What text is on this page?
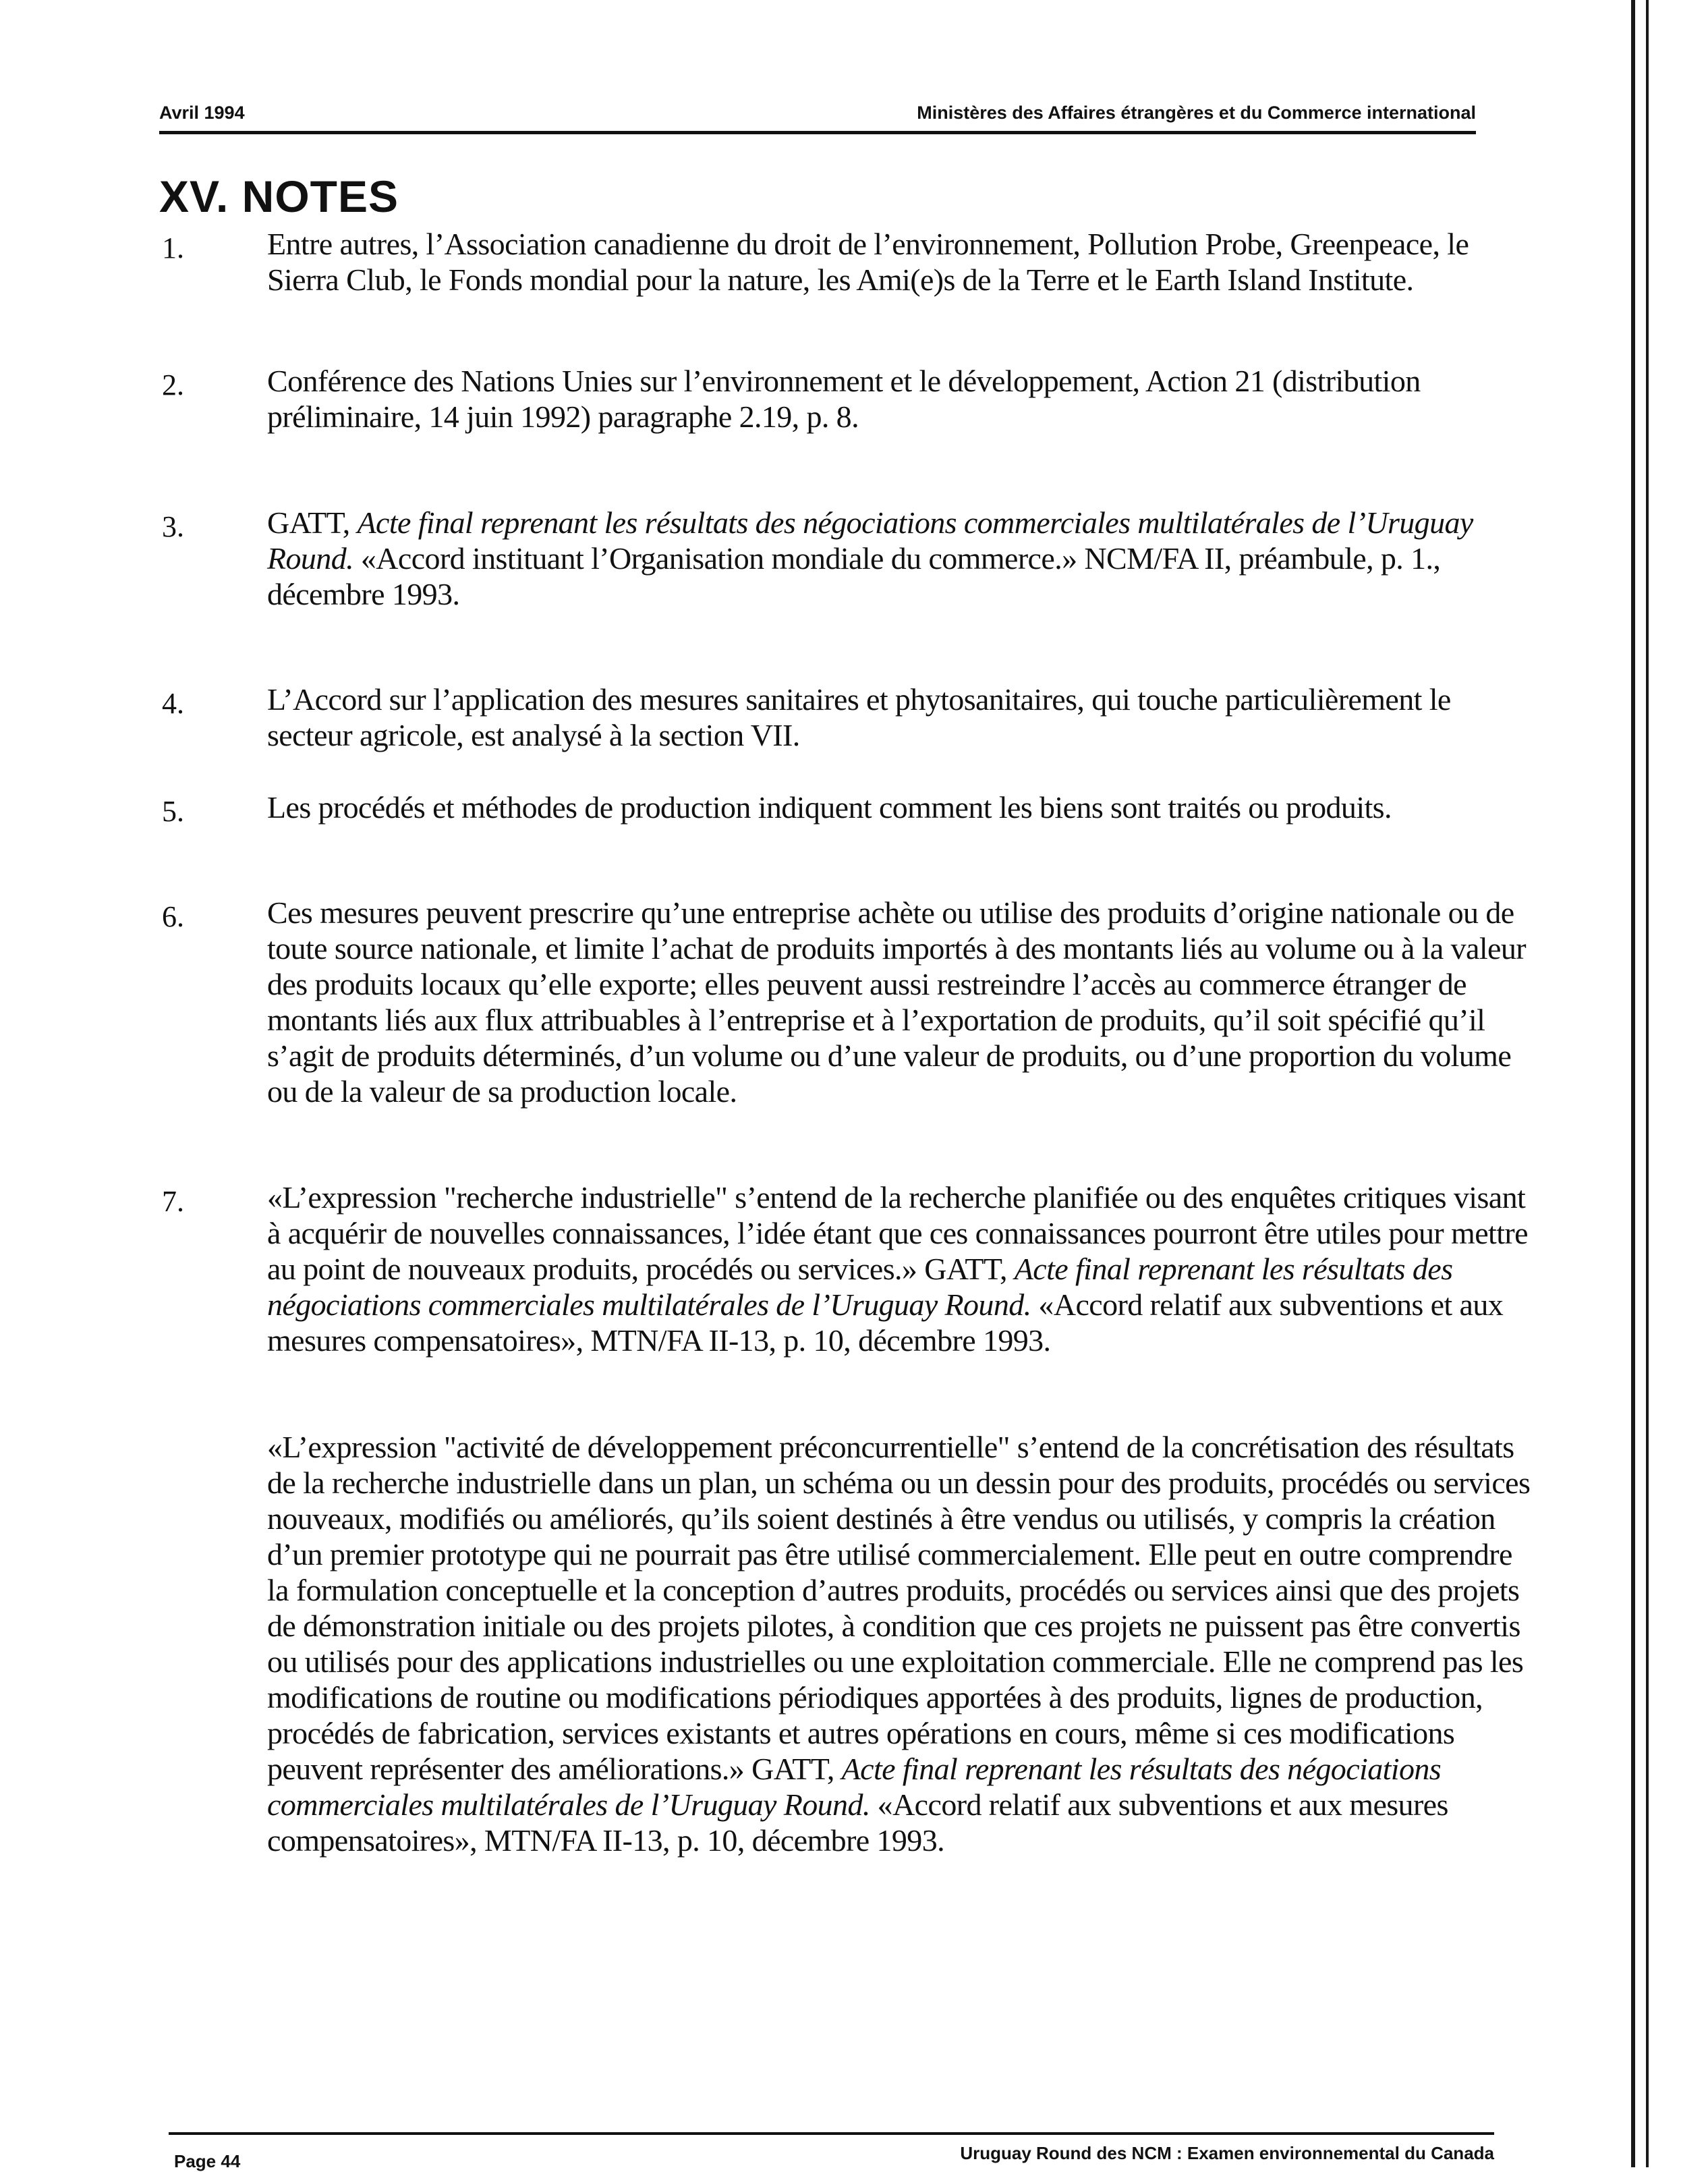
Avril 1994	Ministères des Affaires étrangères et du Commerce international
XV. NOTES
1.	Entre autres, l’Association canadienne du droit de l’environnement, Pollution Probe, Greenpeace, le Sierra Club, le Fonds mondial pour la nature, les Ami(e)s de la Terre et le Earth Island Institute.

2.	Conférence des Nations Unies sur l’environnement et le développement, Action 21 (distribution préliminaire, 14 juin 1992) paragraphe 2.19, p. 8.

3.	GATT, Acte final reprenant les résultats des négociations commerciales multilatérales de l’Uruguay Round. «Accord instituant l’Organisation mondiale du commerce.» NCM/FA II, préambule, p. 1., décembre 1993.

4.	L’Accord sur l’application des mesures sanitaires et phytosanitaires, qui touche particulièrement le secteur agricole, est analysé à la section VII.

5.	Les procédés et méthodes de production indiquent comment les biens sont traités ou produits.

6.	Ces mesures peuvent prescrire qu’une entreprise achète ou utilise des produits d’origine nationale ou de toute source nationale, et limite l’achat de produits importés à des montants liés au volume ou à la valeur des produits locaux qu’elle exporte; elles peuvent aussi restreindre l’accès au commerce étranger de montants liés aux flux attribuables à l’entreprise et à l’exportation de produits, qu’il soit spécifié qu’il s’agit de produits déterminés, d’un volume ou d’une valeur de produits, ou d’une proportion du volume ou de la valeur de sa production locale.

7.	«L’expression "recherche industrielle" s’entend de la recherche planifiée ou des enquêtes critiques visant à acquérir de nouvelles connaissances, l’idée étant que ces connaissances pourront être utiles pour mettre au point de nouveaux produits, procédés ou services.» GATT, Acte final reprenant les résultats des négociations commerciales multilatérales de l’Uruguay Round. «Accord relatif aux subventions et aux mesures compensatoires», MTN/FA II-13, p. 10, décembre 1993.

«L’expression "activité de développement préconcurrentielle" s’entend de la concrétisation des résultats de la recherche industrielle dans un plan, un schéma ou un dessin pour des produits, procédés ou services nouveaux, modifiés ou améliorés, qu’ils soient destinés à être vendus ou utilisés, y compris la création d’un premier prototype qui ne pourrait pas être utilisé commercialement. Elle peut en outre comprendre la formulation conceptuelle et la conception d’autres produits, procédés ou services ainsi que des projets de démonstration initiale ou des projets pilotes, à condition que ces projets ne puissent pas être convertis ou utilisés pour des applications industrielles ou une exploitation commerciale. Elle ne comprend pas les modifications de routine ou modifications périodiques apportées à des produits, lignes de production, procédés de fabrication, services existants et autres opérations en cours, même si ces modifications peuvent représenter des améliorations.» GATT, Acte final reprenant les résultats des négociations commerciales multilatérales de l’Uruguay Round. «Accord relatif aux subventions et aux mesures compensatoires», MTN/FA II-13, p. 10, décembre 1993.

Page 44	Uruguay Round des NCM : Examen environnemental du Canada
